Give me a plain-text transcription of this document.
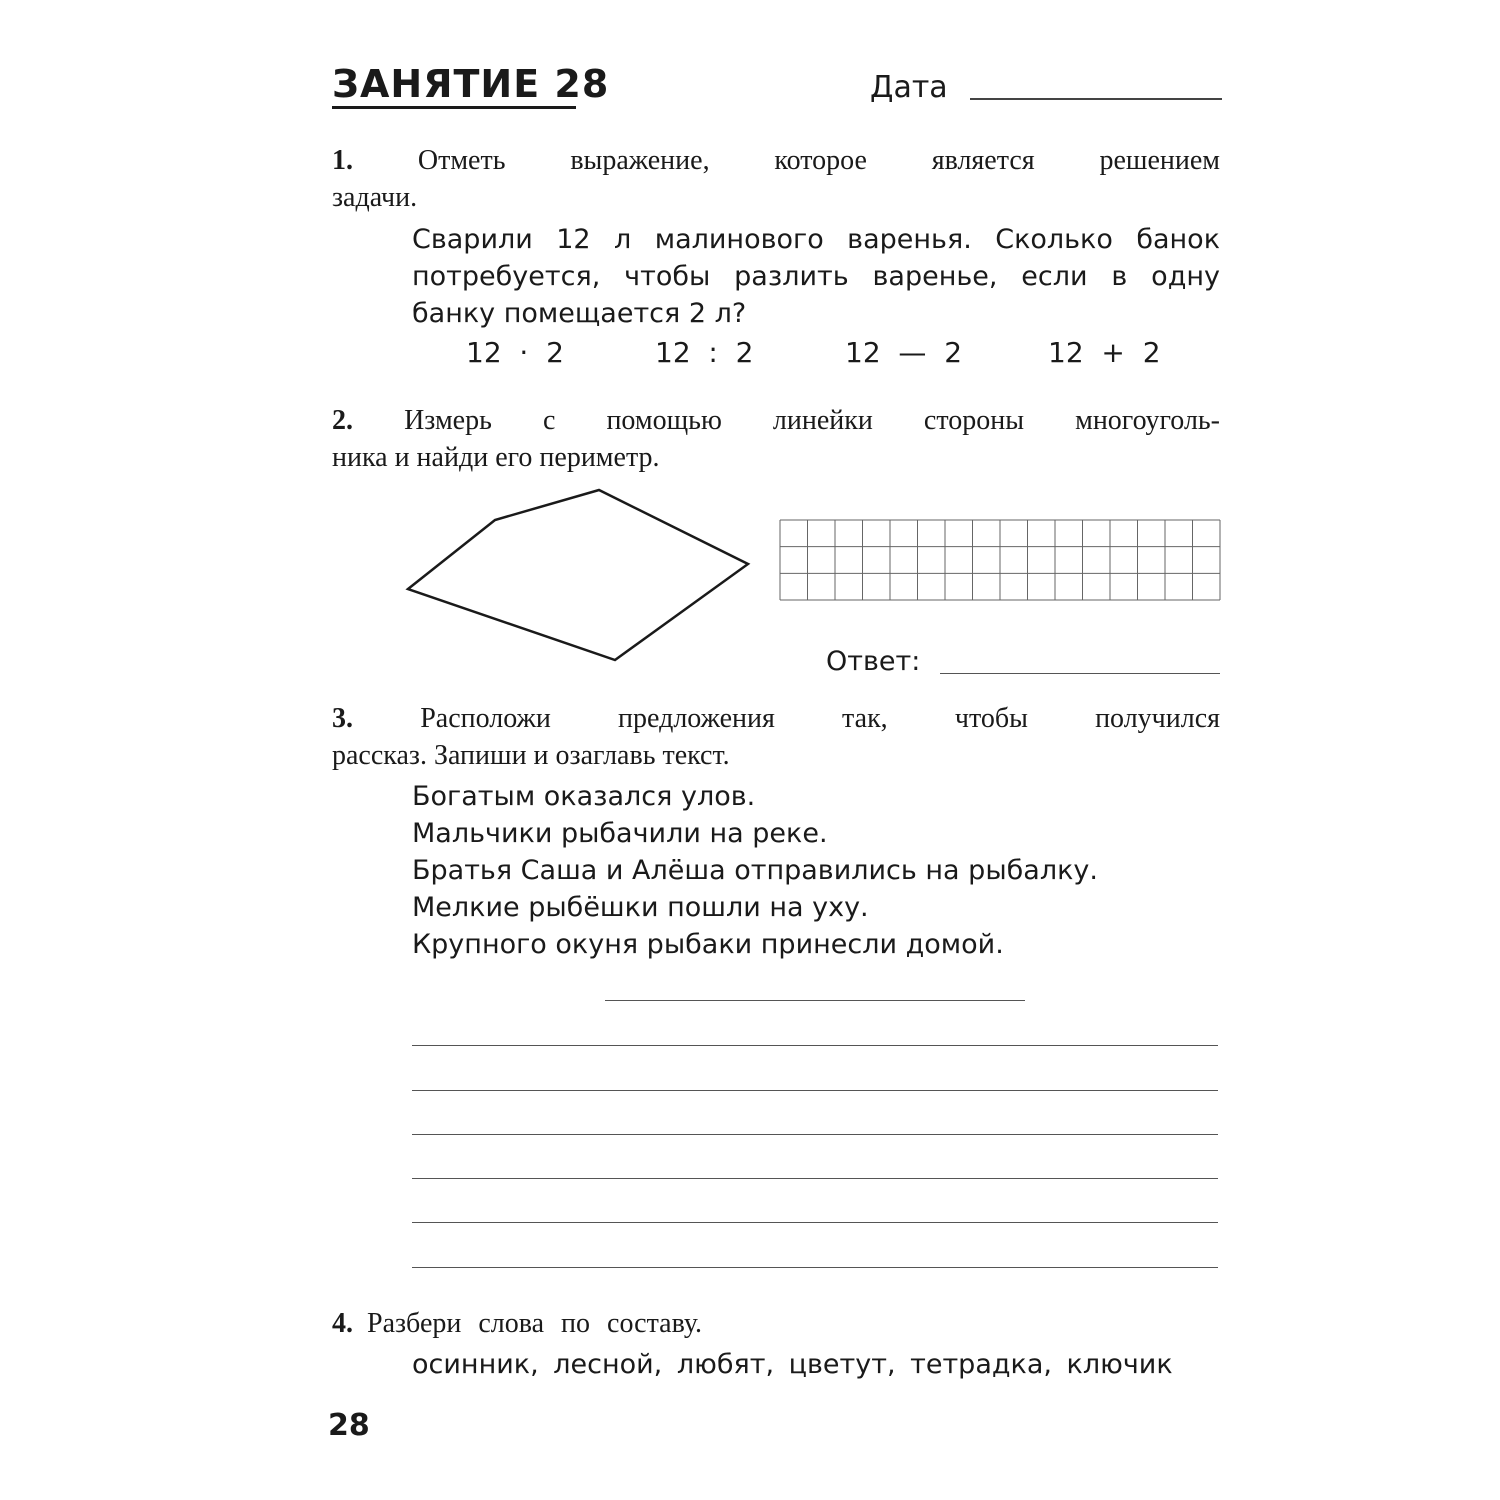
ЗАНЯТИЕ 28	Дата
1. Отметь выражение, которое является решением
задачи.
Сварили 12 л малинового варенья. Сколько банок
потребуется, чтобы разлить варенье, если в одну
банку помещается 2 л?
12  ·  2	12  :  2	12  —  2	12  +  2
2. Измерь с помощью линейки стороны многоуголь-
ника и найди его периметр.
Ответ:
3. Расположи предложения так, чтобы получился
рассказ. Запиши и озаглавь текст.
Богатым оказался улов.
Мальчики рыбачили на реке.
Братья Саша и Алёша отправились на рыбалку.
Мелкие рыбёшки пошли на уху.
Крупного окуня рыбаки принесли домой.
4. Разбери слова по составу.
осинник, лесной, любят, цветут, тетрадка, ключик
28
